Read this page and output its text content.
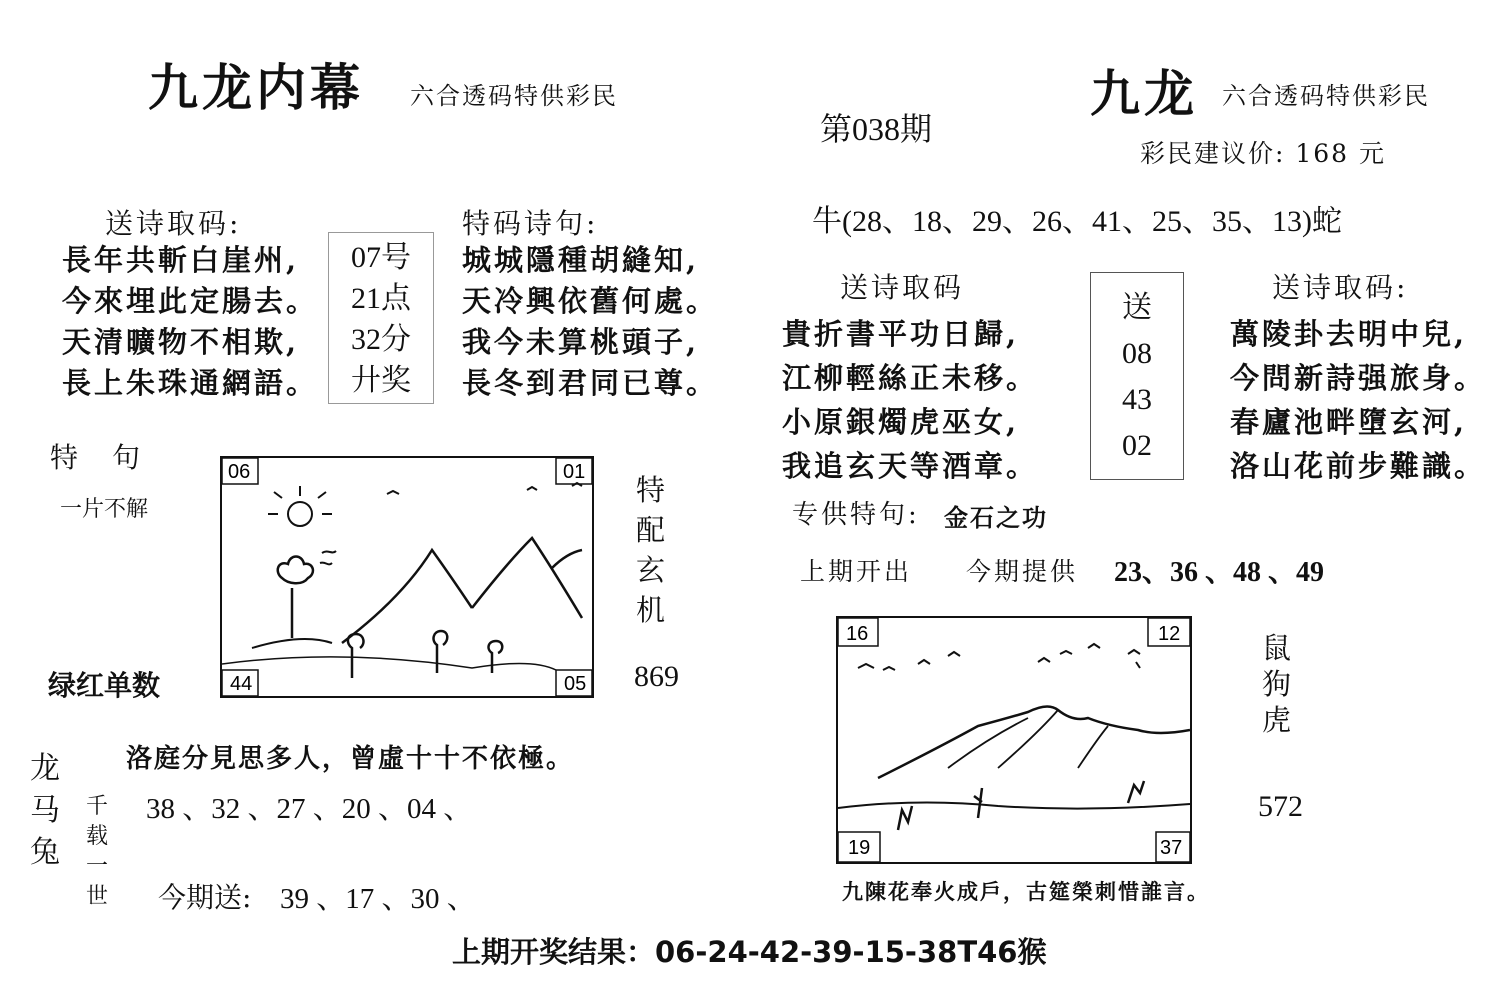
九龙内幕 六合透码特供彩民
送诗取码:
長年共斬白崖州,
今來埋此定腸去。
天清曠物不相欺,
長上朱珠通網語。
07号
21点
32分
廾奖
特码诗句:
城城隱種胡縫知,
天冷興依舊何處。
我今未算桃頭子,
長冬到君同已尊。
特　句
一片不解
06	01
44	05
特
配
玄
机
869
绿红单数
洛庭分見思多人，曾虛十十不依極。
龙
马
兔
千
载
一
世
38 、32 、27 、20 、04 、
今期送: 39 、17 、30 、
第038期
九龙 六合透码特供彩民
彩民建议价: 168 元
牛(28、18、29、26、41、25、35、13)蛇
送诗取码
貴折書平功日歸,
江柳輕絲正未移。
小原銀燭虎巫女,
我追玄天等酒章。
送
08
43
02
送诗取码:
萬陵卦去明中兒,
今問新詩强旅身。
春廬池畔墮玄河,
洛山花前步難識。
专供特句: 金石之功
上期开出 今期提供 23、36 、48 、49
16	12
19	37
鼠
狗
虎
572
九陳花奉火成戶，古筵榮刺惜誰言。
上期开奖结果：06-24-42-39-15-38T46猴
